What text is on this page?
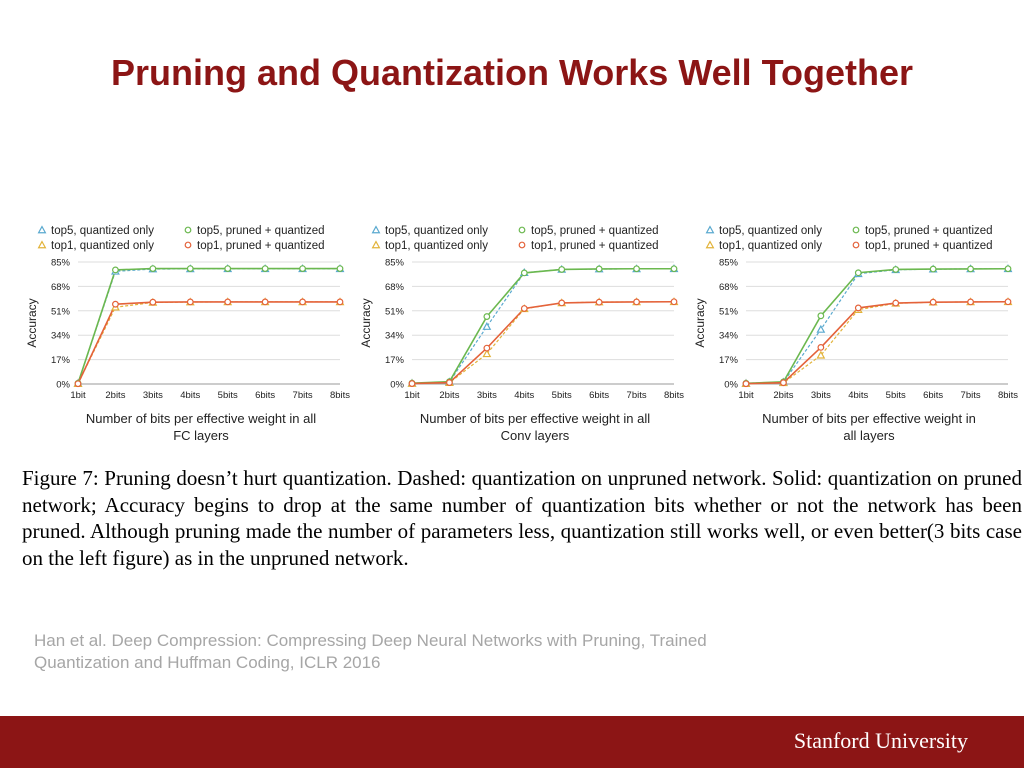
Pruning and Quantization Works Well Together
top5, quantized only	top5, pruned + quantized
top1, quantized only	top1, pruned + quantized
0%
17%
34%
51%
68%
85%
1bit 2bits 3bits 4bits 5bits 6bits 7bits 8bits
Accuracy
Number of bits per effective weight in all
FC layers
top5, quantized only	top5, pruned + quantized
top1, quantized only	top1, pruned + quantized
0%
17%
34%
51%
68%
85%
1bit 2bits 3bits 4bits 5bits 6bits 7bits 8bits
Accuracy
Number of bits per effective weight in all
Conv layers
top5, quantized only	top5, pruned + quantized
top1, quantized only	top1, pruned + quantized
0%
17%
34%
51%
68%
85%
1bit 2bits 3bits 4bits 5bits 6bits 7bits 8bits
Accuracy
Number of bits per effective weight in
all layers

Figure 7: Pruning doesn’t hurt quantization. Dashed: quantization on unpruned network. Solid: quantization on pruned network; Accuracy begins to drop at the same number of quantization bits whether or not the network has been pruned. Although pruning made the number of parameters less, quantization still works well, or even better(3 bits case on the left figure) as in the unpruned network.

Han et al. Deep Compression: Compressing Deep Neural Networks with Pruning, Trained
Quantization and Huffman Coding, ICLR 2016
Stanford University
